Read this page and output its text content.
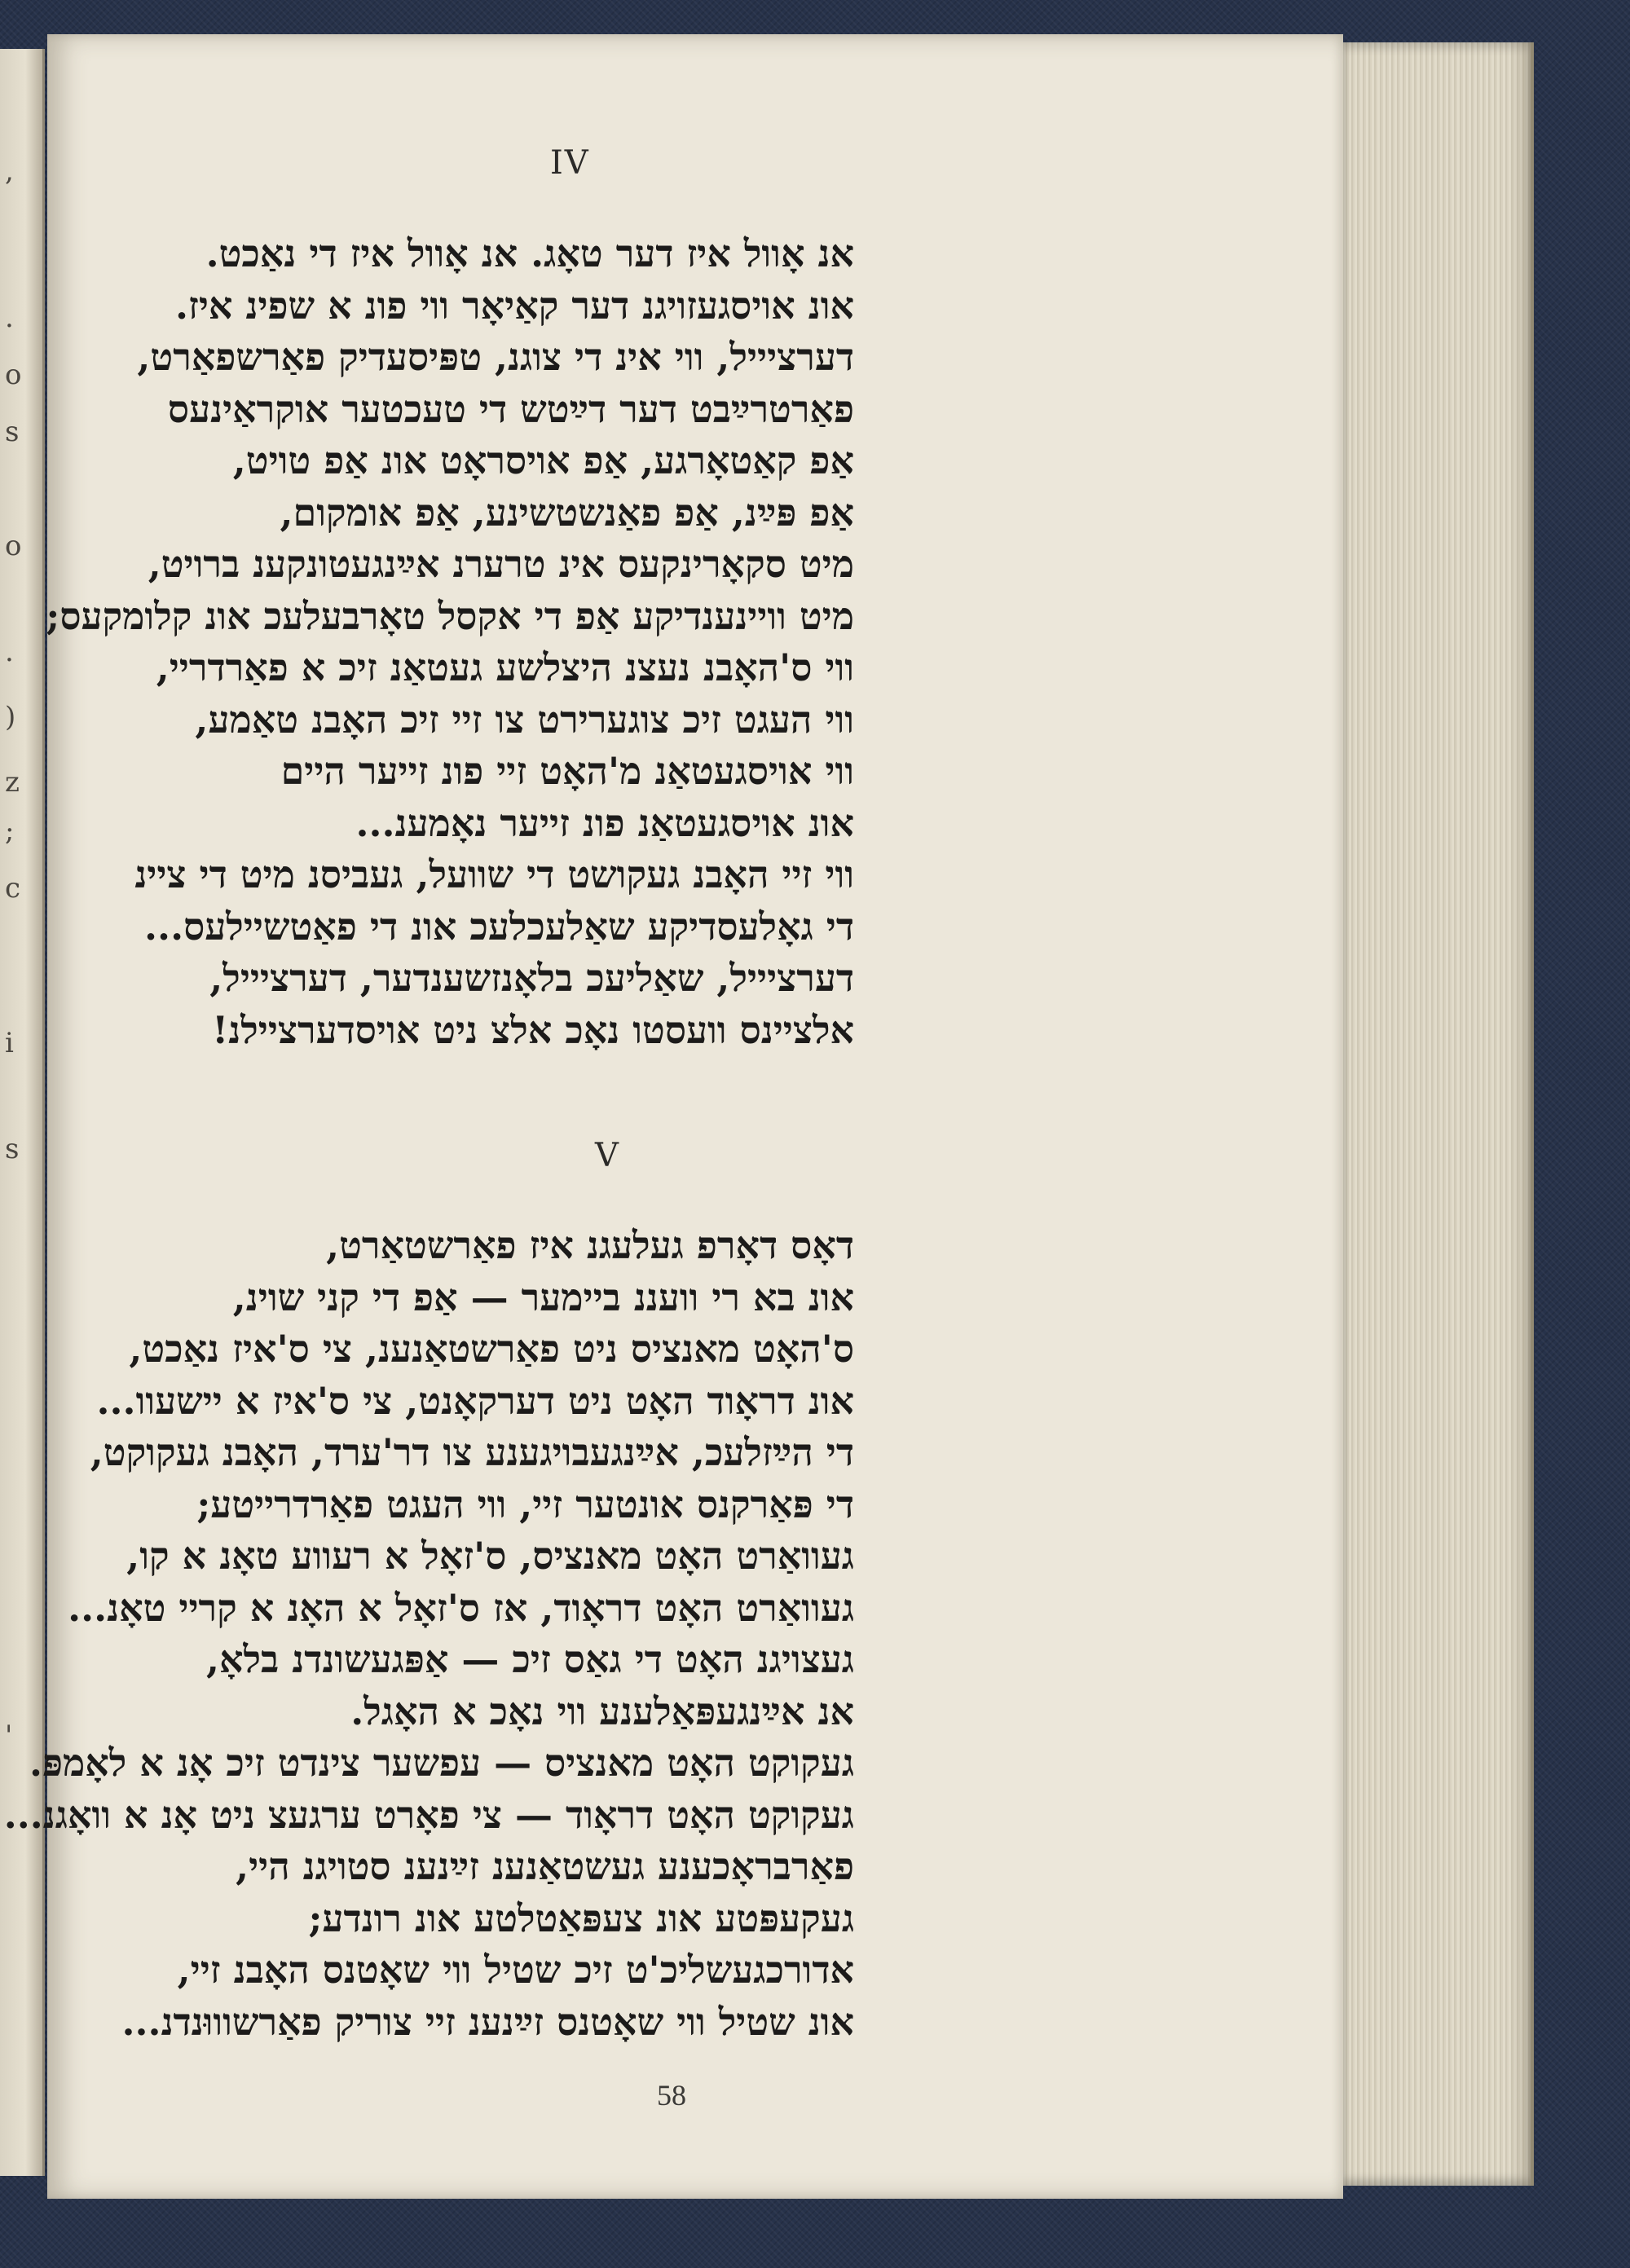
,
.
o
s
o
.
)
z
;
c
i
s
'
IV
אנ אָוול איז דער טאָג. אנ אָוול איז די נאַכט.
אונ אויסגעזויגנ דער קאַיאָר ווי פונ א שפינ איז.
דערציייל, ווי אינ די צוגנ, טפּיסעדיק פאַרשפאַרט,
פאַרטרײַבט דער דײַטש די טעכטער אוקראַינעס
אַפ קאַטאָרגע, אַפ אויסראָט אונ אַפ טויט,
אַפ פּײַנ, אַפ פאַנשטשינע, אַפ אומקום,
מיט סקאָרינקעס אינ טרערנ אײַנגעטונקענ ברויט,
מיט וויינענדיקע אַפ די אקסל טאָרבעלעכ אונ קלומקעס;
ווי ס'האָבנ נעצנ היצלשע געטאַנ זיכ א פאַרדריי,
ווי העגט זיכ צוגערירט צו זיי זיכ האָבנ טאַמע,
ווי אויסגעטאַנ מ'האָט זיי פונ זייער היים
אונ אויסגעטאַנ פונ זייער נאָמענ...
ווי זיי האָבנ געקושט די שוועל, געביסנ מיט די ציינ
די גאָלעסדיקע שאַלעכלעכ אונ די פאַטשיילעס...
דערציייל, שאַליעכ בלאָנזשענדער, דערציייל,
אלציינס וועסטו נאָכ אלצ ניט אויסדערציילנ!
V
דאָס דאָרפ געלעגנ איז פאַרשטאַרט,
אונ בא רי וועננ ביימער — אַפ די קני שוינ,
ס'האָט מאנציס ניט פאַרשטאַנענ, צי ס'איז נאַכט,
אונ דראָוד האָט ניט דערקאָנט, צי ס'איז א יישעוו...
די הײַזלעכ, אײַנגעבויגענע צו דר'ערד, האָבנ געקוקט,
די פּאַרקנס אונטער זיי, ווי העגט פאַרדרייטע;
געוואַרט האָט מאנציס, ס'זאָל א רעווע טאָנ א קו,
געוואַרט האָט דראָוד, אז ס'זאָל א האָנ א קריי טאָנ...
געצויגנ האָט די גאַס זיכ — אַפּגעשונדנ בלאָ,
אנ אײַנגעפּאַלענע ווי נאָכ א האָגל.
געקוקט האָט מאנציס — עפשער צינדט זיכ אָנ א לאָמפּ.
געקוקט האָט דראָוד — צי פאָרט ערגעצ ניט אָנ א וואָגנ...
פאַרבראָכענע געשטאַנענ זײַנענ סטויגנ היי,
געקעפּטע אונ צעפּאַטלטע אונ רונדע;
אדורכגעשליכ'ט זיכ שטיל ווי שאָטנס האָבנ זיי,
אונ שטיל ווי שאָטנס זײַנענ זיי צוריק פאַרשוווּנדנ...
58
